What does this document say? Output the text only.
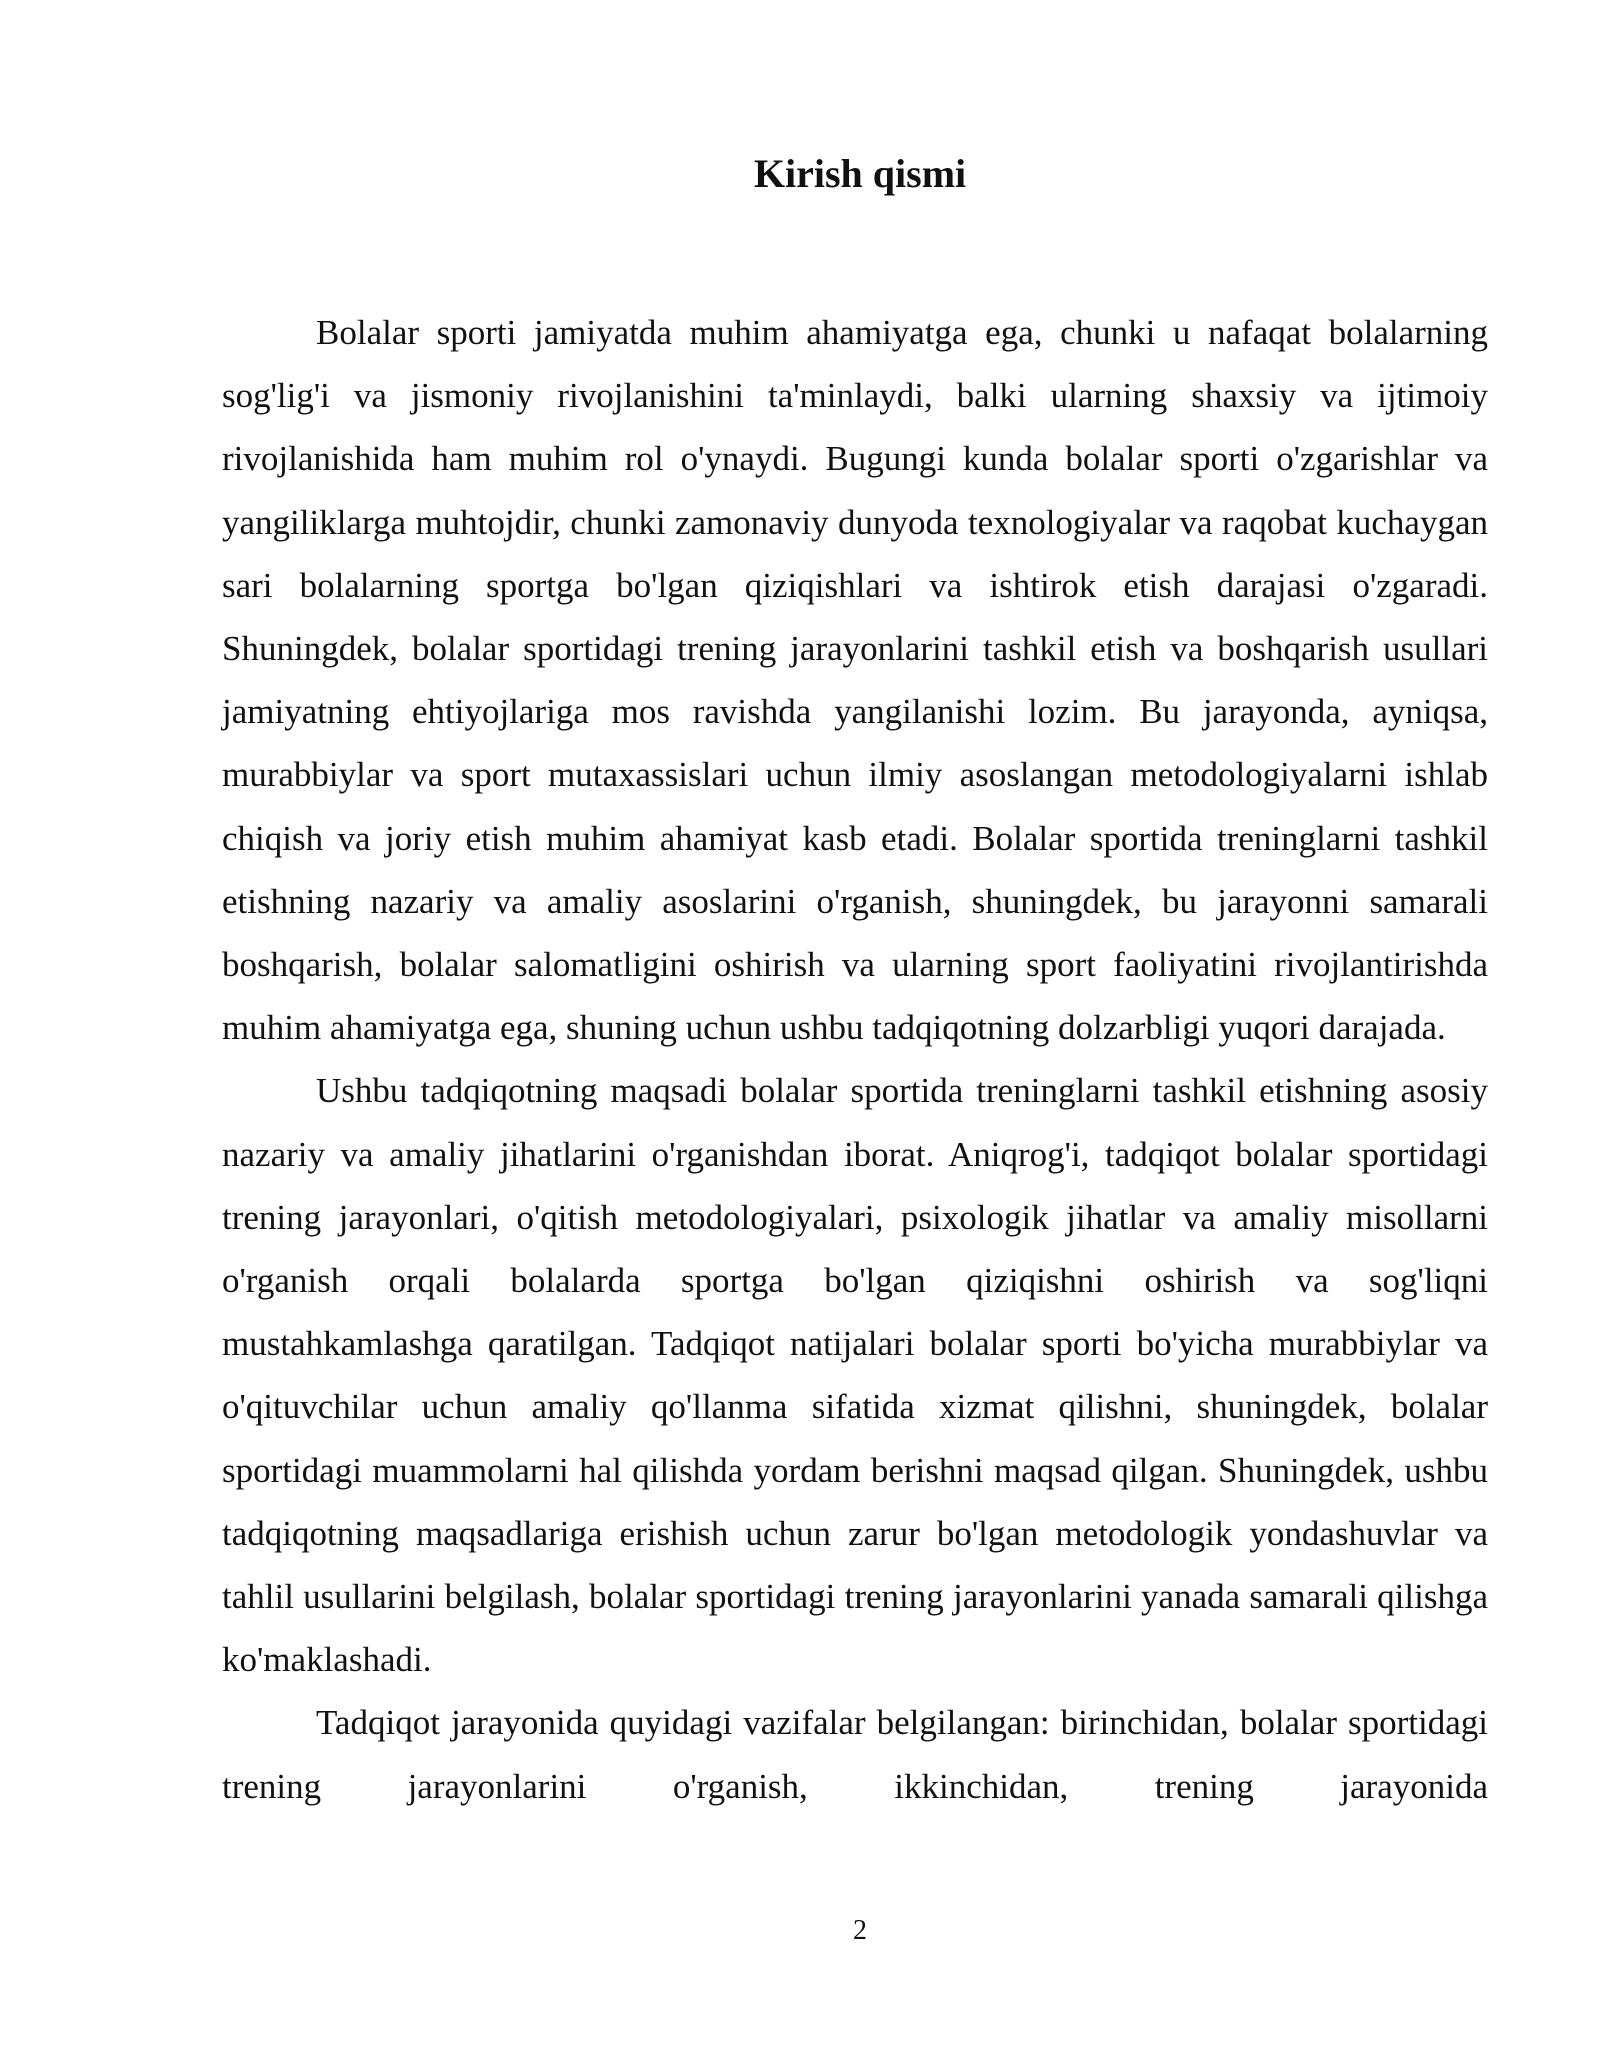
Kirish qismi

Bolalar sporti jamiyatda muhim ahamiyatga ega, chunki u nafaqat bolalarning sog'lig'i va jismoniy rivojlanishini ta'minlaydi, balki ularning shaxsiy va ijtimoiy rivojlanishida ham muhim rol o'ynaydi. Bugungi kunda bolalar sporti o'zgarishlar va yangiliklarga muhtojdir, chunki zamonaviy dunyoda texnologiyalar va raqobat kuchaygan sari bolalarning sportga bo'lgan qiziqishlari va ishtirok etish darajasi o'zgaradi. Shuningdek, bolalar sportidagi trening jarayonlarini tashkil etish va boshqarish usullari jamiyatning ehtiyojlariga mos ravishda yangilanishi lozim. Bu jarayonda, ayniqsa, murabbiylar va sport mutaxassislari uchun ilmiy asoslangan metodologiyalarni ishlab chiqish va joriy etish muhim ahamiyat kasb etadi. Bolalar sportida treninglarni tashkil etishning nazariy va amaliy asoslarini o'rganish, shuningdek, bu jarayonni samarali boshqarish, bolalar salomatligini oshirish va ularning sport faoliyatini rivojlantirishda muhim ahamiyatga ega, shuning uchun ushbu tadqiqotning dolzarbligi yuqori darajada.

Ushbu tadqiqotning maqsadi bolalar sportida treninglarni tashkil etishning asosiy nazariy va amaliy jihatlarini o'rganishdan iborat. Aniqrog'i, tadqiqot bolalar sportidagi trening jarayonlari, o'qitish metodologiyalari, psixologik jihatlar va amaliy misollarni o'rganish orqali bolalarda sportga bo'lgan qiziqishni oshirish va sog'liqni mustahkamlashga qaratilgan. Tadqiqot natijalari bolalar sporti bo'yicha murabbiylar va o'qituvchilar uchun amaliy qo'llanma sifatida xizmat qilishni, shuningdek, bolalar sportidagi muammolarni hal qilishda yordam berishni maqsad qilgan. Shuningdek, ushbu tadqiqotning maqsadlariga erishish uchun zarur bo'lgan metodologik yondashuvlar va tahlil usullarini belgilash, bolalar sportidagi trening jarayonlarini yanada samarali qilishga ko'maklashadi.

Tadqiqot jarayonida quyidagi vazifalar belgilangan: birinchidan, bolalar sportidagi trening jarayonlarini o'rganish, ikkinchidan, trening jarayonida

2
